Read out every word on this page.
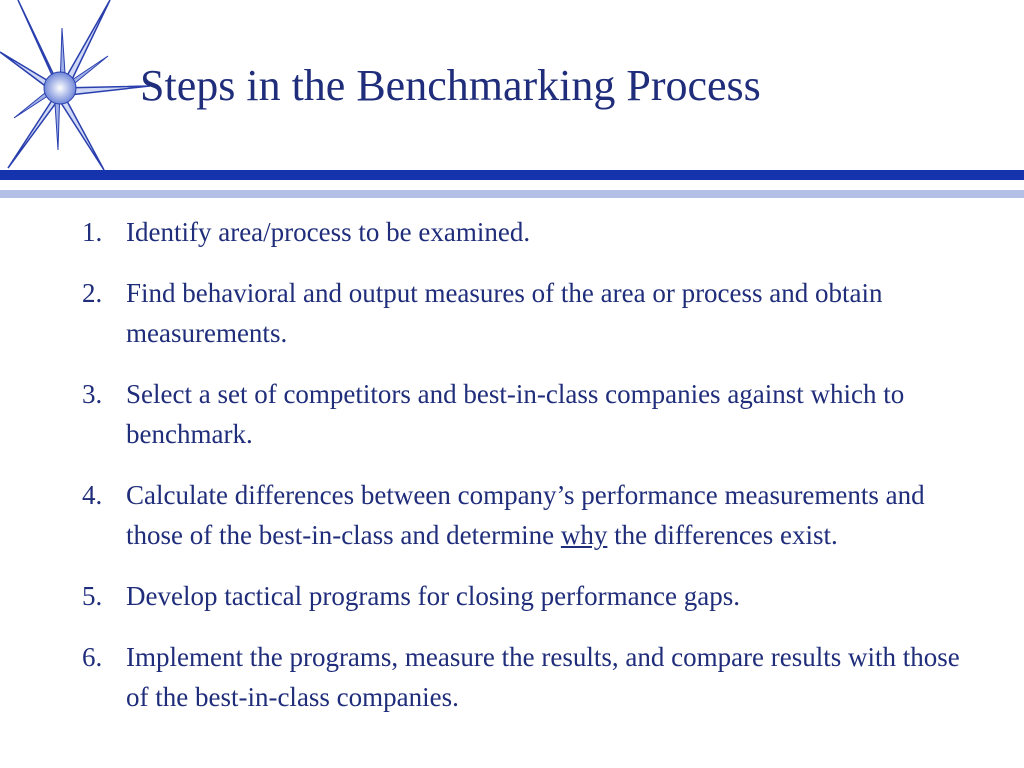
Steps in the Benchmarking Process
1. Identify area/process to be examined.
2. Find behavioral and output measures of the area or process and obtain measurements.
3. Select a set of competitors and best-in-class companies against which to benchmark.
4. Calculate differences between company’s performance measurements and those of the best-in-class and determine why the differences exist.
5. Develop tactical programs for closing performance gaps.
6. Implement the programs, measure the results, and compare results with those of the best-in-class companies.
